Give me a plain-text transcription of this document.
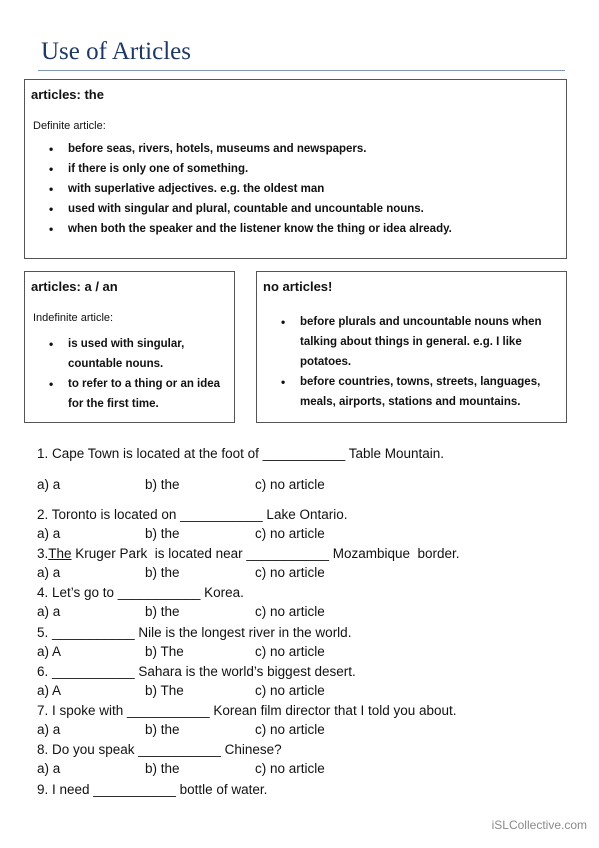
Use of Articles

articles: the

Definite article:

• before seas, rivers, hotels, museums and newspapers.
• if there is only one of something.
• with superlative adjectives. e.g. the oldest man
• used with singular and plural, countable and uncountable nouns.
• when both the speaker and the listener know the thing or idea already.

articles: a / an

Indefinite article:

• is used with singular, countable nouns.
• to refer to a thing or an idea for the first time.

no articles!

• before plurals and uncountable nouns when talking about things in general. e.g. I like potatoes.
• before countries, towns, streets, languages, meals, airports, stations and mountains.
1. Cape Town is located at the foot of ___________ Table Mountain.
a) a	b) the	c) no article
2. Toronto is located on ___________ Lake Ontario.
a) a	b) the	c) no article
3.The Kruger Park  is located near ___________ Mozambique  border.
a) a	b) the	c) no article
4. Let’s go to ___________ Korea.
a) a	b) the	c) no article
5. ___________ Nile is the longest river in the world.
a) A	b) The	c) no article
6. ___________ Sahara is the world’s biggest desert.
a) A	b) The	c) no article
7. I spoke with ___________ Korean film director that I told you about.
a) a	b) the	c) no article
8. Do you speak ___________ Chinese?
a) a	b) the	c) no article
9. I need ___________ bottle of water.
iSLCollective.com
